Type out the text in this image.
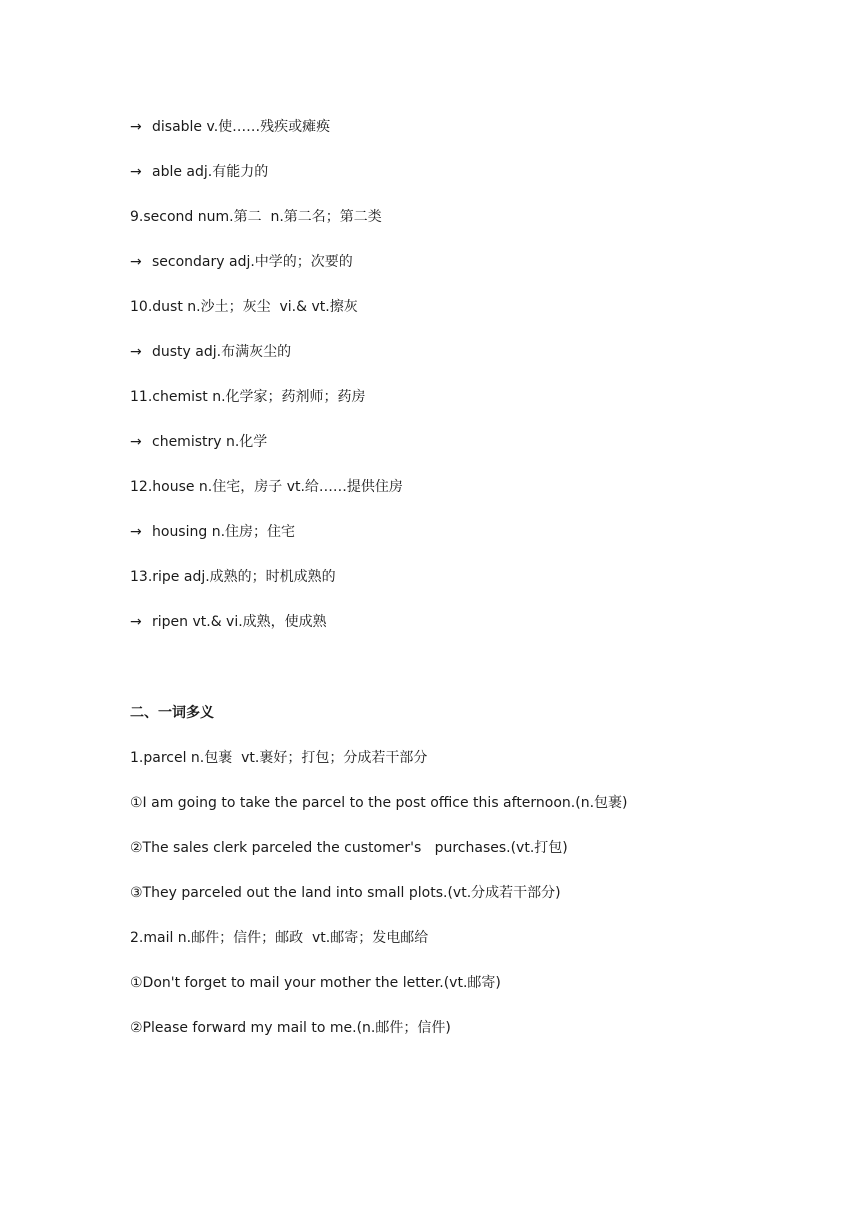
→ disable v.使……残疾或瘫痪
→ able adj.有能力的
9.second num.第二  n.第二名；第二类
→ secondary adj.中学的；次要的
10.dust n.沙土；灰尘  vi.& vt.擦灰
→ dusty adj.布满灰尘的
11.chemist n.化学家；药剂师；药房
→ chemistry n.化学
12.house n.住宅，房子 vt.给……提供住房
→ housing n.住房；住宅
13.ripe adj.成熟的；时机成熟的
→ ripen vt.& vi.成熟，使成熟
二、一词多义
1.parcel n.包裹  vt.裹好；打包；分成若干部分
①I am going to take the parcel to the post office this afternoon.(n.包裹)
②The sales clerk parceled the customer's   purchases.(vt.打包)
③They parceled out the land into small plots.(vt.分成若干部分)
2.mail n.邮件；信件；邮政  vt.邮寄；发电邮给
①Don't forget to mail your mother the letter.(vt.邮寄)
②Please forward my mail to me.(n.邮件；信件)
